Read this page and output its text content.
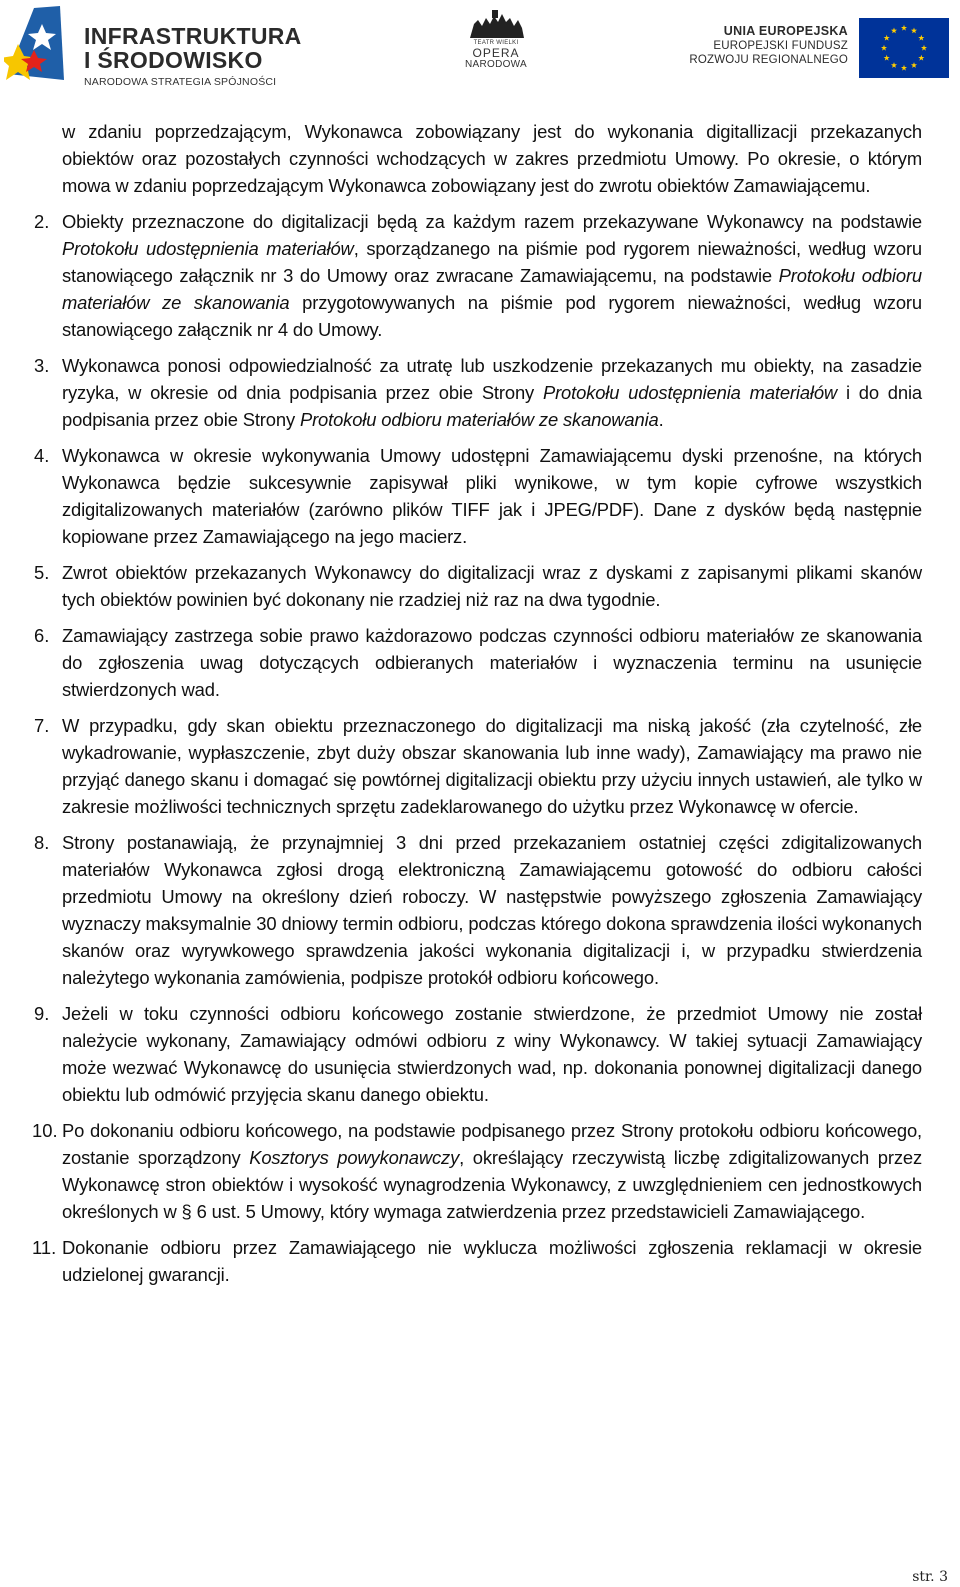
INFRASTRUKTURA
I ŚRODOWISKO
NARODOWA STRATEGIA SPÓJNOŚCI
TEATR WIELKI
OPERA
NARODOWA
UNIA EUROPEJSKA
EUROPEJSKI FUNDUSZ
ROZWOJU REGIONALNEGO

w zdaniu poprzedzającym, Wykonawca zobowiązany jest do wykonania digitallizacji przekazanych obiektów oraz pozostałych czynności wchodzących w zakres przedmiotu Umowy. Po okresie, o którym mowa w zdaniu poprzedzającym Wykonawca zobowiązany jest do zwrotu obiektów Zamawiającemu.

2. Obiekty przeznaczone do digitalizacji będą za każdym razem przekazywane Wykonawcy na podstawie Protokołu udostępnienia materiałów, sporządzanego na piśmie pod rygorem nieważności, według wzoru stanowiącego załącznik nr 3 do Umowy oraz zwracane Zamawiającemu, na podstawie Protokołu odbioru materiałów ze skanowania przygotowywanych na piśmie pod rygorem nieważności, według wzoru stanowiącego załącznik nr 4 do Umowy.

3. Wykonawca ponosi odpowiedzialność za utratę lub uszkodzenie przekazanych mu obiekty, na zasadzie ryzyka, w okresie od dnia podpisania przez obie Strony Protokołu udostępnienia materiałów i do dnia podpisania przez obie Strony Protokołu odbioru materiałów ze skanowania.

4. Wykonawca w okresie wykonywania Umowy udostępni Zamawiającemu dyski przenośne, na których Wykonawca będzie sukcesywnie zapisywał pliki wynikowe, w tym kopie cyfrowe wszystkich zdigitalizowanych materiałów (zarówno plików TIFF jak i JPEG/PDF). Dane z dysków będą następnie kopiowane przez Zamawiającego na jego macierz.

5. Zwrot obiektów przekazanych Wykonawcy do digitalizacji wraz z dyskami z zapisanymi plikami skanów tych obiektów powinien być dokonany nie rzadziej niż raz na dwa tygodnie.

6. Zamawiający zastrzega sobie prawo każdorazowo podczas czynności odbioru materiałów ze skanowania do zgłoszenia uwag dotyczących odbieranych materiałów i wyznaczenia terminu na usunięcie stwierdzonych wad.

7. W przypadku, gdy skan obiektu przeznaczonego do digitalizacji ma niską jakość (zła czytelność, złe wykadrowanie, wypłaszczenie, zbyt duży obszar skanowania lub inne wady), Zamawiający ma prawo nie przyjąć danego skanu i domagać się powtórnej digitalizacji obiektu przy użyciu innych ustawień, ale tylko w zakresie możliwości technicznych sprzętu zadeklarowanego do użytku przez Wykonawcę w ofercie.

8. Strony postanawiają, że przynajmniej 3 dni przed przekazaniem ostatniej części zdigitalizowanych materiałów Wykonawca zgłosi drogą elektroniczną Zamawiającemu gotowość do odbioru całości przedmiotu Umowy na określony dzień roboczy. W następstwie powyższego zgłoszenia Zamawiający wyznaczy maksymalnie 30 dniowy termin odbioru, podczas którego dokona sprawdzenia ilości wykonanych skanów oraz wyrywkowego sprawdzenia jakości wykonania digitalizacji i, w przypadku stwierdzenia należytego wykonania zamówienia, podpisze protokół odbioru końcowego.

9. Jeżeli w toku czynności odbioru końcowego zostanie stwierdzone, że przedmiot Umowy nie został należycie wykonany, Zamawiający odmówi odbioru z winy Wykonawcy. W takiej sytuacji Zamawiający może wezwać Wykonawcę do usunięcia stwierdzonych wad, np. dokonania ponownej digitalizacji danego obiektu lub odmówić przyjęcia skanu danego obiektu.

10. Po dokonaniu odbioru końcowego, na podstawie podpisanego przez Strony protokołu odbioru końcowego, zostanie sporządzony Kosztorys powykonawczy, określający rzeczywistą liczbę zdigitalizowanych przez Wykonawcę stron obiektów i wysokość wynagrodzenia Wykonawcy, z uwzględnieniem cen jednostkowych określonych w § 6 ust. 5 Umowy, który wymaga zatwierdzenia przez przedstawicieli Zamawiającego.

11. Dokonanie odbioru przez Zamawiającego nie wyklucza możliwości zgłoszenia reklamacji w okresie udzielonej gwarancji.

str. 3
